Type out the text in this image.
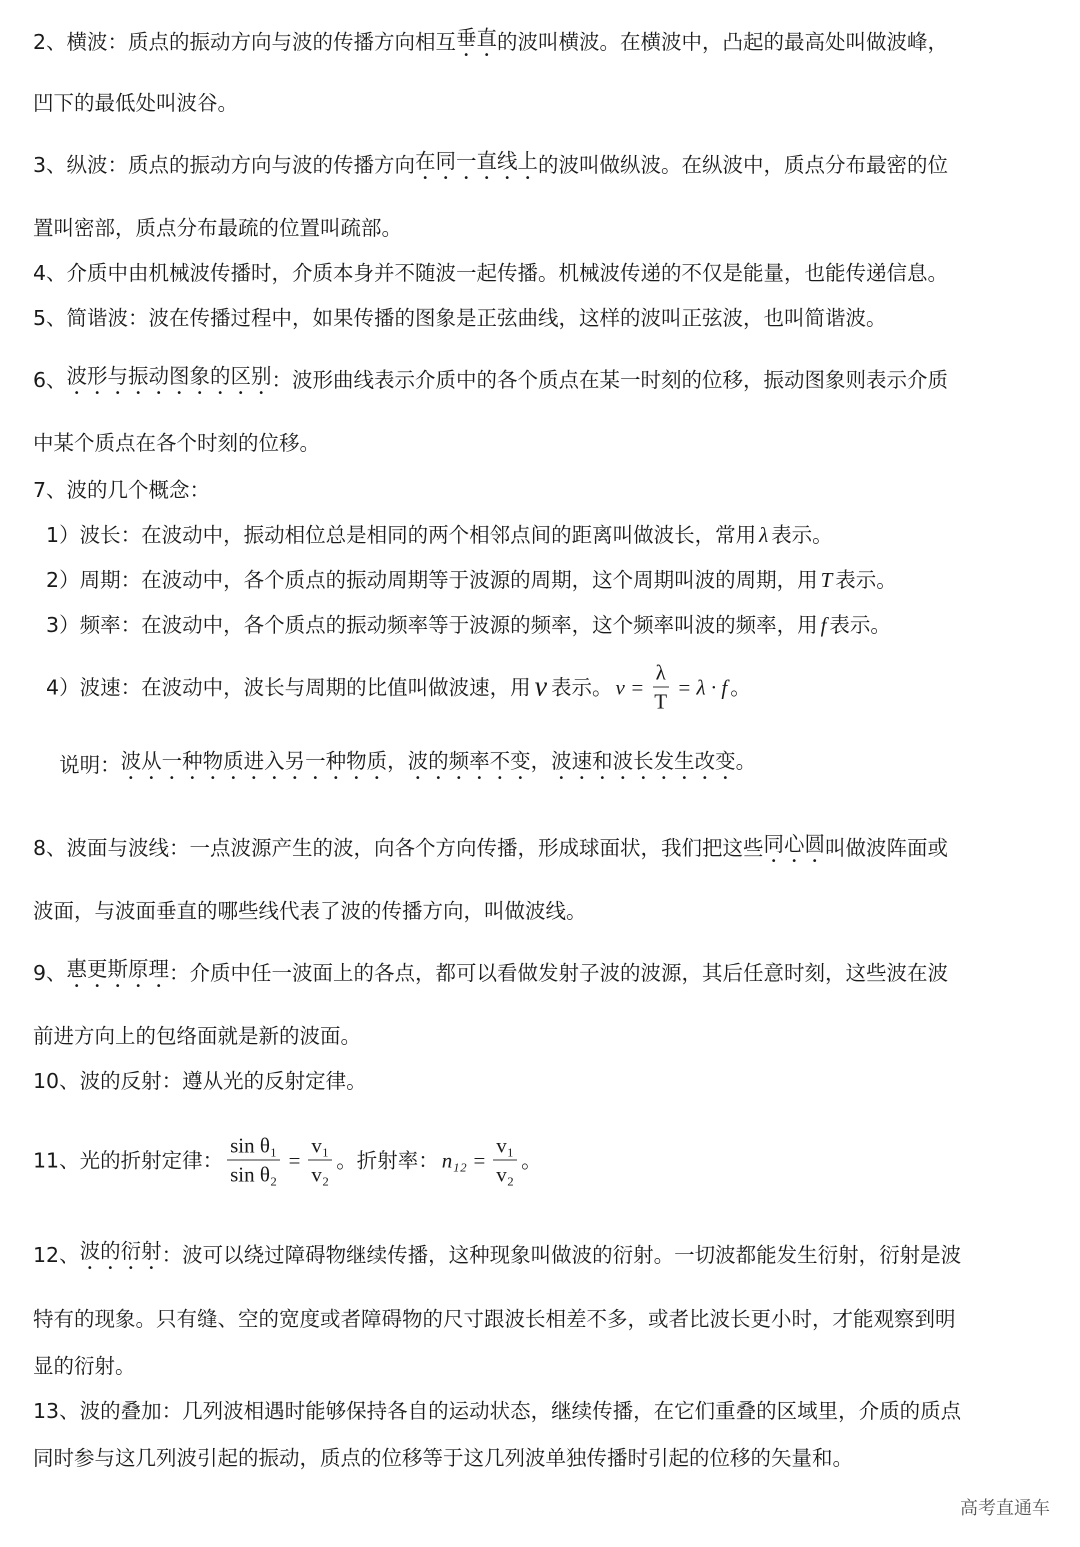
2、横波：质点的振动方向与波的传播方向相互 垂直 的波叫横波。在横波中，凸起的最高处叫做波峰，
凹下的最低处叫波谷。
3、纵波：质点的振动方向与波的传播方向 在同一直线上 的波叫做纵波。在纵波中，质点分布最密的位
置叫密部，质点分布最疏的位置叫疏部。
4、介质中由机械波传播时，介质本身并不随波一起传播。机械波传递的不仅是能量，也能传递信息。
5、简谐波：波在传播过程中，如果传播的图象是正弦曲线，这样的波叫正弦波，也叫简谐波。
6、 波形与振动图象的区别 ：波形曲线表示介质中的各个质点在某一时刻的位移，振动图象则表示介质
中某个质点在各个时刻的位移。
7、波的几个概念：
1）波长：在波动中，振动相位总是相同的两个相邻点间的距离叫做波长，常用 λ 表示。
2）周期：在波动中，各个质点的振动周期等于波源的周期，这个周期叫波的周期，用 T 表示。
3）频率：在波动中，各个质点的振动频率等于波源的频率，这个频率叫波的频率，用 f 表示。
4）波速：在波动中，波长与周期的比值叫做波速，用 v 表示。 $v = \frac{\lambda}{T} = \lambda \cdot f$ 。
说明： 波从一种物质进入另一种物质，波的频率不变，波速和波长发生改变。
8、波面与波线：一点波源产生的波，向各个方向传播，形成球面状，我们把这些 同心圆 叫做波阵面或
波面，与波面垂直的哪些线代表了波的传播方向，叫做波线。
9、 惠更斯原理 ：介质中任一波面上的各点，都可以看做发射子波的波源，其后任意时刻，这些波在波
前进方向上的包络面就是新的波面。
10、波的反射：遵从光的反射定律。
11、光的折射定律： $\frac{\text{sin θ₁}}{\text{sin θ₂}} = \frac{\text{v₁}}{\text{v₂}}$ 。折射率： $n_{12} = \frac{\text{v₁}}{\text{v₂}}$ 。
12、 波的衍射 ：波可以绕过障碍物继续传播，这种现象叫做波的衍射。一切波都能发生衍射，衍射是波
特有的现象。只有缝、空的宽度或者障碍物的尺寸跟波长相差不多，或者比波长更小时，才能观察到明
显的衍射。
13、波的叠加：几列波相遇时能够保持各自的运动状态，继续传播，在它们重叠的区域里，介质的质点
同时参与这几列波引起的振动，质点的位移等于这几列波单独传播时引起的位移的矢量和。
高考直通车
